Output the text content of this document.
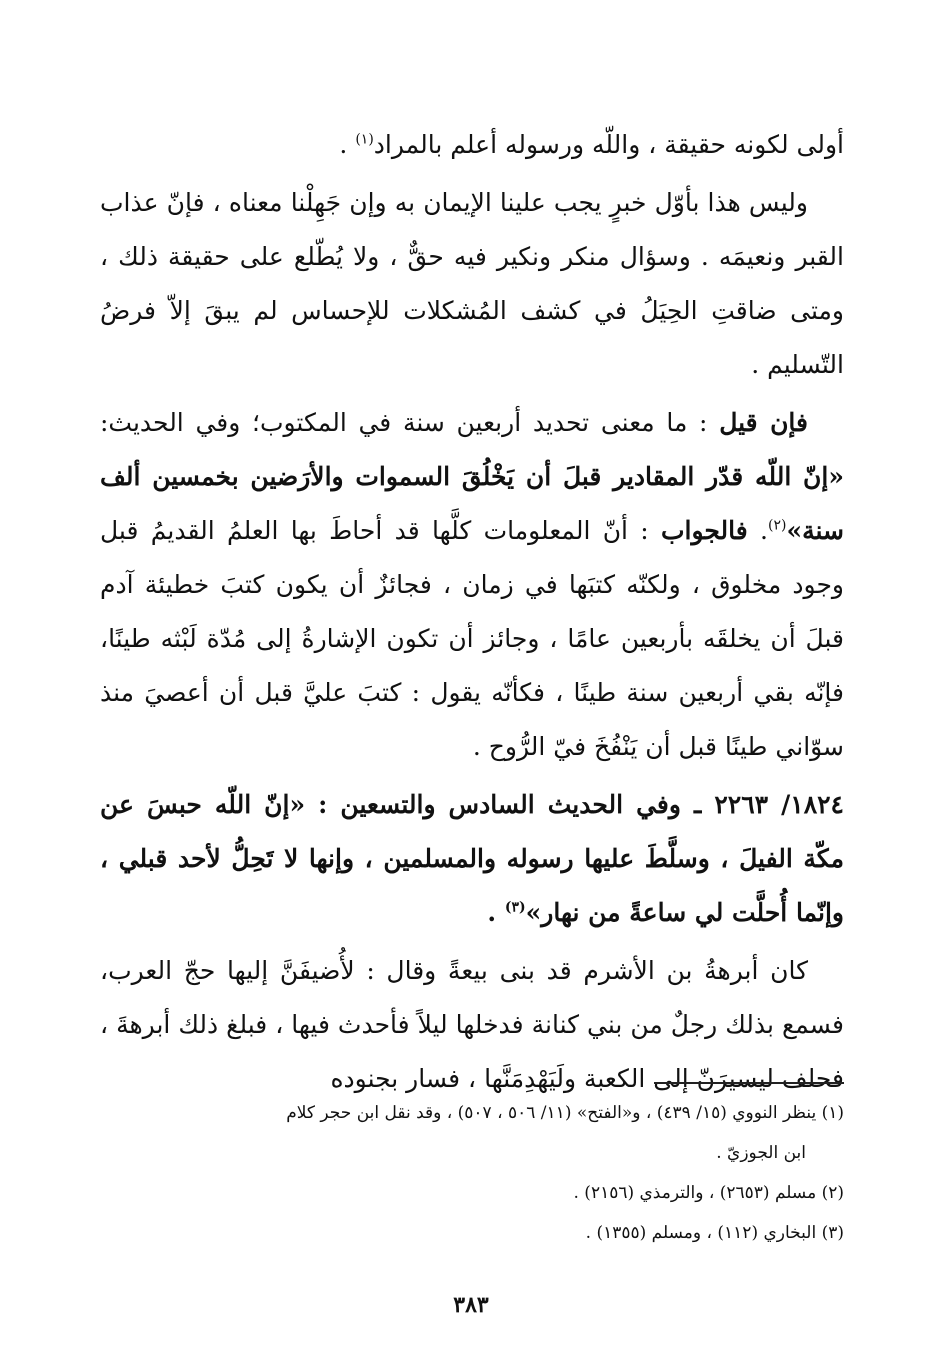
أولى لكونه حقيقة ، واللّه ورسوله أعلم بالمراد$^{(١)}$ .

وليس هذا بأوّل خبرٍ يجب علينا الإيمان به وإن جَهِلْنا معناه ، فإنّ عذاب القبر ونعيمَه . وسؤال منكر ونكير فيه حقٌّ ، ولا يُطّلع على حقيقة ذلك ، ومتى ضاقتِ الحِيَلُ في كشف المُشكلات للإحساس لم يبقَ إلاّ فرضُ التّسليم .

فإن قيل : ما معنى تحديد أربعين سنة في المكتوب؛ وفي الحديث: «إنّ اللّه قدّر المقادير قبلَ أن يَخْلُقَ السموات والأرَضين بخمسين ألف سنة»$^{(٢)}$. فالجواب : أنّ المعلومات كلَّها قد أحاطَ بها العلمُ القديمُ قبل وجود مخلوق ، ولكنّه كتبَها في زمان ، فجائزٌ أن يكون كتبَ خطيئة آدم قبلَ أن يخلقَه بأربعين عامًا ، وجائز أن تكون الإشارةُ إلى مُدّة لَبْثه طينًا، فإنّه بقي أربعين سنة طينًا ، فكأنّه يقول : كتبَ عليَّ قبل أن أعصيَ منذ سوّاني طينًا قبل أن يَنْفُخَ فيّ الرُّوح .

١٨٢٤/ ٢٢٦٣ ـ وفي الحديث السادس والتسعين : «إنّ اللّه حبسَ عن مكّة الفيلَ ، وسلَّطَ عليها رسوله والمسلمين ، وإنها لا تَحِلُّ لأحد قبلي ، وإنّما أُحلَّت لي ساعةً من نهار»$^{(٣)}$ .

كان أبرهةُ بن الأشرم قد بنى بيعةً وقال : لأُضيفَنَّ إليها حجّ العرب، فسمع بذلك رجلٌ من بني كنانة فدخلها ليلاً فأحدث فيها ، فبلغ ذلك أبرهةَ ، فحلف ليسيرَنّ إلى الكعبة ولَيَهْدِمَنَّها ، فسار بجنوده

(١) ينظر النووي (١٥/ ٤٣٩) ، و«الفتح» (١١/ ٥٠٦ ، ٥٠٧) ، وقد نقل ابن حجر كلام

ابن الجوزيّ .

(٢) مسلم (٢٦٥٣) ، والترمذي (٢١٥٦) .

(٣) البخاري (١١٢) ، ومسلم (١٣٥٥) .

٣٨٣
